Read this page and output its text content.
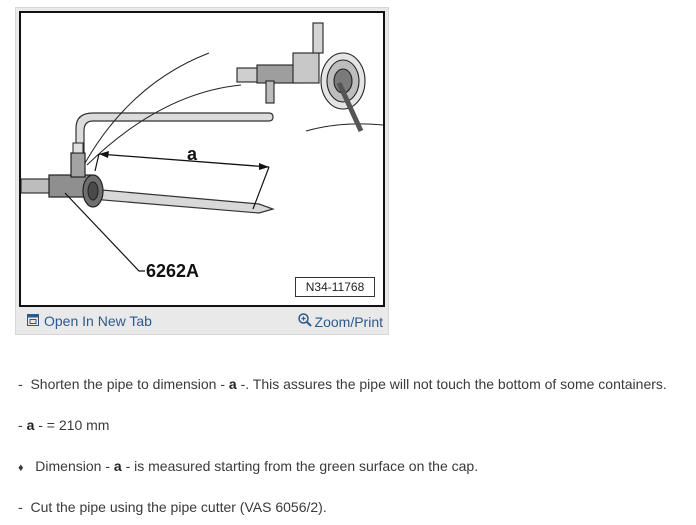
6262A
a
N34-11768
Open In New Tab	Zoom/Print
- Shorten the pipe to dimension - a -. This assures the pipe will not touch the bottom of some containers.
- a - = 210 mm
♦ Dimension - a - is measured starting from the green surface on the cap.
- Cut the pipe using the pipe cutter (VAS 6056/2).
